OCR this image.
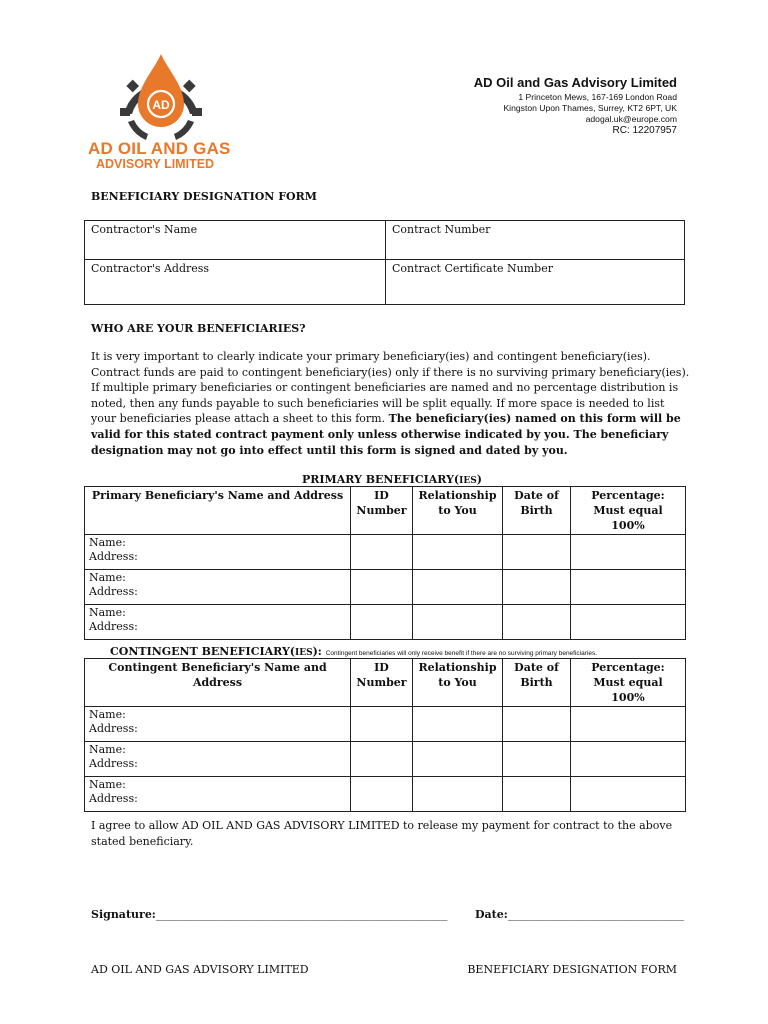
AD
AD OIL AND GAS
ADVISORY LIMITED
AD Oil and Gas Advisory Limited
1 Princeton Mews, 167-169 London Road
Kingston Upon Thames, Surrey, KT2 6PT, UK
adogal.uk@europe.com
RC: 12207957
BENEFICIARY DESIGNATION FORM
Contractor's Name	Contract Number
Contractor's Address	Contract Certificate Number
WHO ARE YOUR BENEFICIARIES?
It is very important to clearly indicate your primary beneficiary(ies) and contingent beneficiary(ies). Contract funds are paid to contingent beneficiary(ies) only if there is no surviving primary beneficiary(ies). If multiple primary beneficiaries or contingent beneficiaries are named and no percentage distribution is noted, then any funds payable to such beneficiaries will be split equally. If more space is needed to list your beneficiaries please attach a sheet to this form. The beneficiary(ies) named on this form will be valid for this stated contract payment only unless otherwise indicated by you. The beneficiary designation may not go into effect until this form is signed and dated by you.
PRIMARY BENEFICIARY(IES)
Primary Beneficiary's Name and Address	ID Number	Relationship to You	Date of Birth	Percentage: Must equal 100%

Name:
Address:				

Name:
Address:				

Name:
Address:				

CONTINGENT BENEFICIARY(IES): Contingent beneficiaries will only receive benefit if there are no surviving primary beneficiaries.
Contingent Beneficiary's Name and Address	ID Number	Relationship to You	Date of Birth	Percentage: Must equal 100%

Name:
Address:				

Name:
Address:				

Name:
Address:				

I agree to allow AD OIL AND GAS ADVISORY LIMITED to release my payment for contract to the above stated beneficiary.
Signature:_____________________________________________________	Date:________________________________
AD OIL AND GAS ADVISORY LIMITED	BENEFICIARY DESIGNATION FORM
